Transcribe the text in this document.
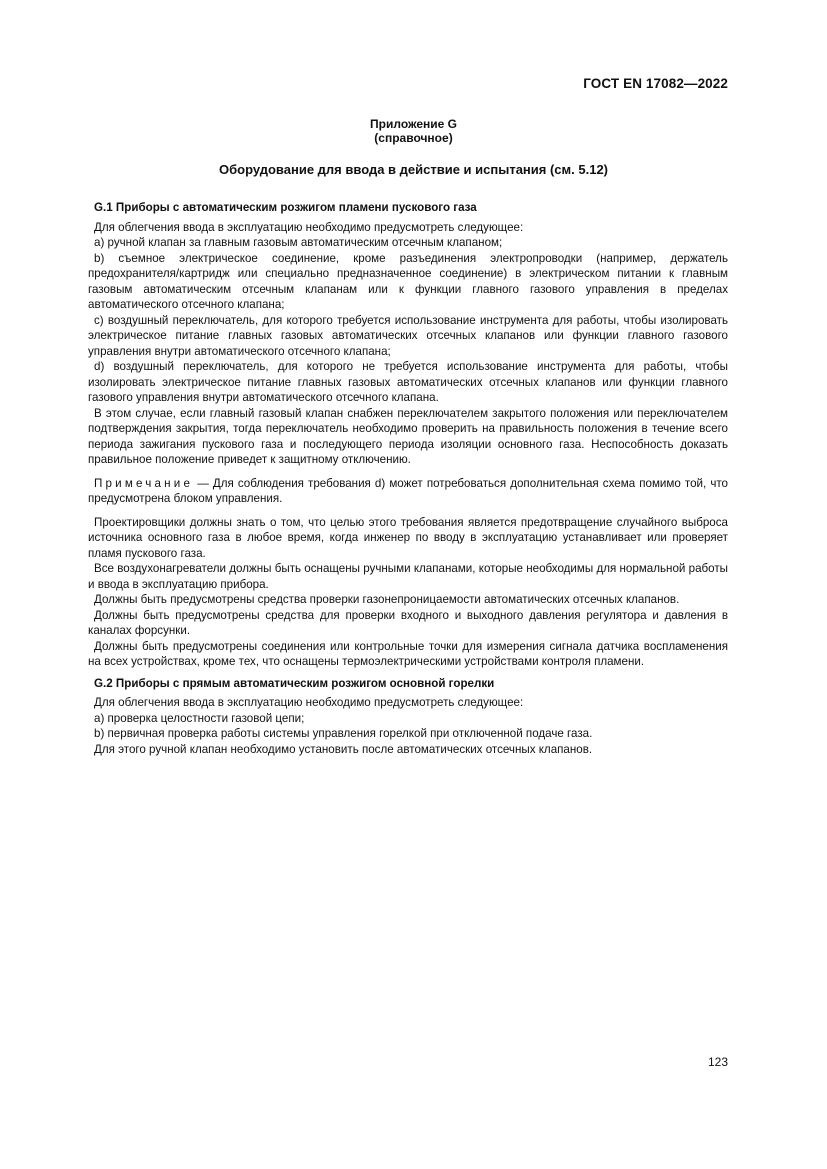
ГОСТ EN 17082—2022
Приложение G
(справочное)
Оборудование для ввода в действие и испытания (см. 5.12)
G.1 Приборы с автоматическим розжигом пламени пускового газа

Для облегчения ввода в эксплуатацию необходимо предусмотреть следующее:

a) ручной клапан за главным газовым автоматическим отсечным клапаном;

b) съемное электрическое соединение, кроме разъединения электропроводки (например, держатель предохранителя/картридж или специально предназначенное соединение) в электрическом питании к главным газовым автоматическим отсечным клапанам или к функции главного газового управления в пределах автоматического отсечного клапана;

c) воздушный переключатель, для которого требуется использование инструмента для работы, чтобы изолировать электрическое питание главных газовых автоматических отсечных клапанов или функции главного газового управления внутри автоматического отсечного клапана;

d) воздушный переключатель, для которого не требуется использование инструмента для работы, чтобы изолировать электрическое питание главных газовых автоматических отсечных клапанов или функции главного газового управления внутри автоматического отсечного клапана.

В этом случае, если главный газовый клапан снабжен переключателем закрытого положения или переключателем подтверждения закрытия, тогда переключатель необходимо проверить на правильность положения в течение всего периода зажигания пускового газа и последующего периода изоляции основного газа. Неспособность доказать правильное положение приведет к защитному отключению.

Примечание — Для соблюдения требования d) может потребоваться дополнительная схема помимо той, что предусмотрена блоком управления.

Проектировщики должны знать о том, что целью этого требования является предотвращение случайного выброса источника основного газа в любое время, когда инженер по вводу в эксплуатацию устанавливает или проверяет пламя пускового газа.

Все воздухонагреватели должны быть оснащены ручными клапанами, которые необходимы для нормальной работы и ввода в эксплуатацию прибора.

Должны быть предусмотрены средства проверки газонепроницаемости автоматических отсечных клапанов.

Должны быть предусмотрены средства для проверки входного и выходного давления регулятора и давления в каналах форсунки.

Должны быть предусмотрены соединения или контрольные точки для измерения сигнала датчика воспламенения на всех устройствах, кроме тех, что оснащены термоэлектрическими устройствами контроля пламени.

G.2 Приборы с прямым автоматическим розжигом основной горелки

Для облегчения ввода в эксплуатацию необходимо предусмотреть следующее:

a) проверка целостности газовой цепи;

b) первичная проверка работы системы управления горелкой при отключенной подаче газа.

Для этого ручной клапан необходимо установить после автоматических отсечных клапанов.

123
